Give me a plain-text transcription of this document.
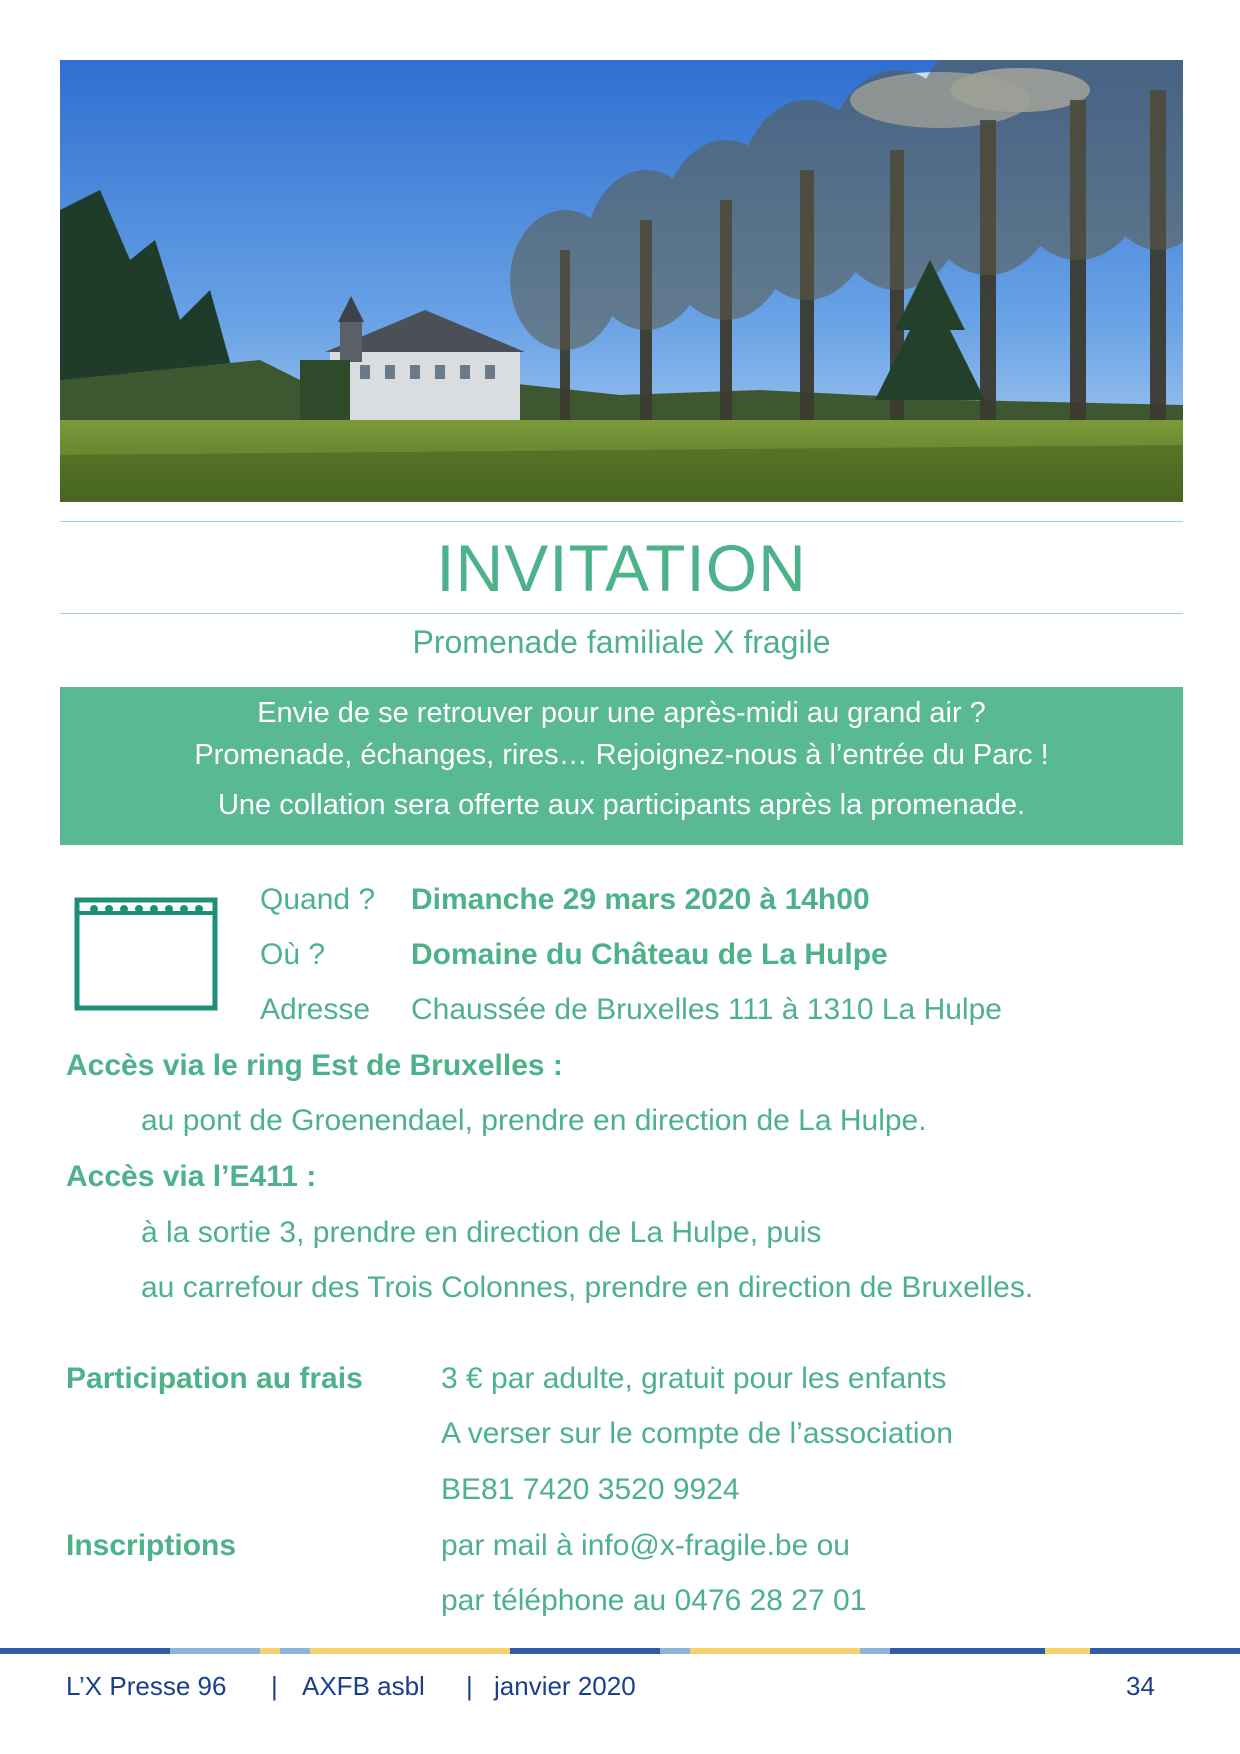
INVITATION
Promenade familiale X fragile
Envie de se retrouver pour une après-midi au grand air ?
Promenade, échanges, rires… Rejoignez-nous à l’entrée du Parc !
Une collation sera offerte aux participants après la promenade.
Quand ? Dimanche 29 mars 2020 à 14h00
Où ?	Domaine du Château de La Hulpe
Adresse Chaussée de Bruxelles 111 à 1310 La Hulpe
Accès via le ring Est de Bruxelles :
au pont de Groenendael, prendre en direction de La Hulpe.
Accès via l’E411 :
à la sortie 3, prendre en direction de La Hulpe, puis
au carrefour des Trois Colonnes, prendre en direction de Bruxelles.
Participation au frais	3 € par adulte, gratuit pour les enfants
A verser sur le compte de l’association
BE81 7420 3520 9924
Inscriptions	par mail à info@x-fragile.be ou
par téléphone au 0476 28 27 01
L’X Presse 96 | AXFB asbl | janvier 2020	34
